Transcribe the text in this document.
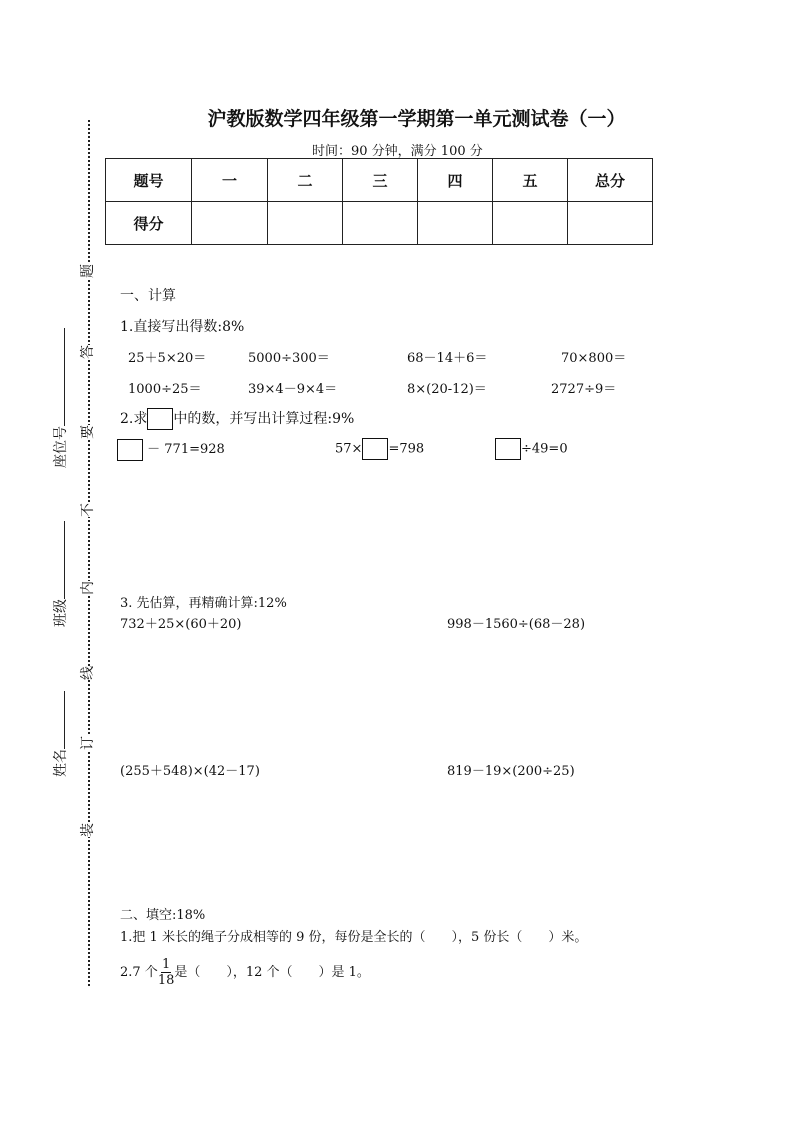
沪教版数学四年级第一学期第一单元测试卷（一）
时间：90 分钟，满分 100 分
题号	一	二	三	四	五	总分
得分						
装
订
线
内
不
要
答
题
姓名
班级
座位号
一、计算
1.直接写出得数:8%
25＋5×20＝	5000÷300＝	68－14＋6＝	70×800＝
1000÷25＝	39×4－9×4＝	8×(20-12)＝	2727÷9＝
2.求 中的数，并写出计算过程:9%
－ 771=928	57× =798	÷49=0
3. 先估算，再精确计算:12%
732＋25×(60＋20)	998－1560÷(68－28)
(255＋548)×(42－17)	819－19×(200÷25)
二、填空:18%
1.把 1 米长的绳子分成相等的 9 份，每份是全长的（　　），5 份长（　　）米。
2.7 个 $\frac{1}{18}$ 是（　　），12 个（　　）是 1。
